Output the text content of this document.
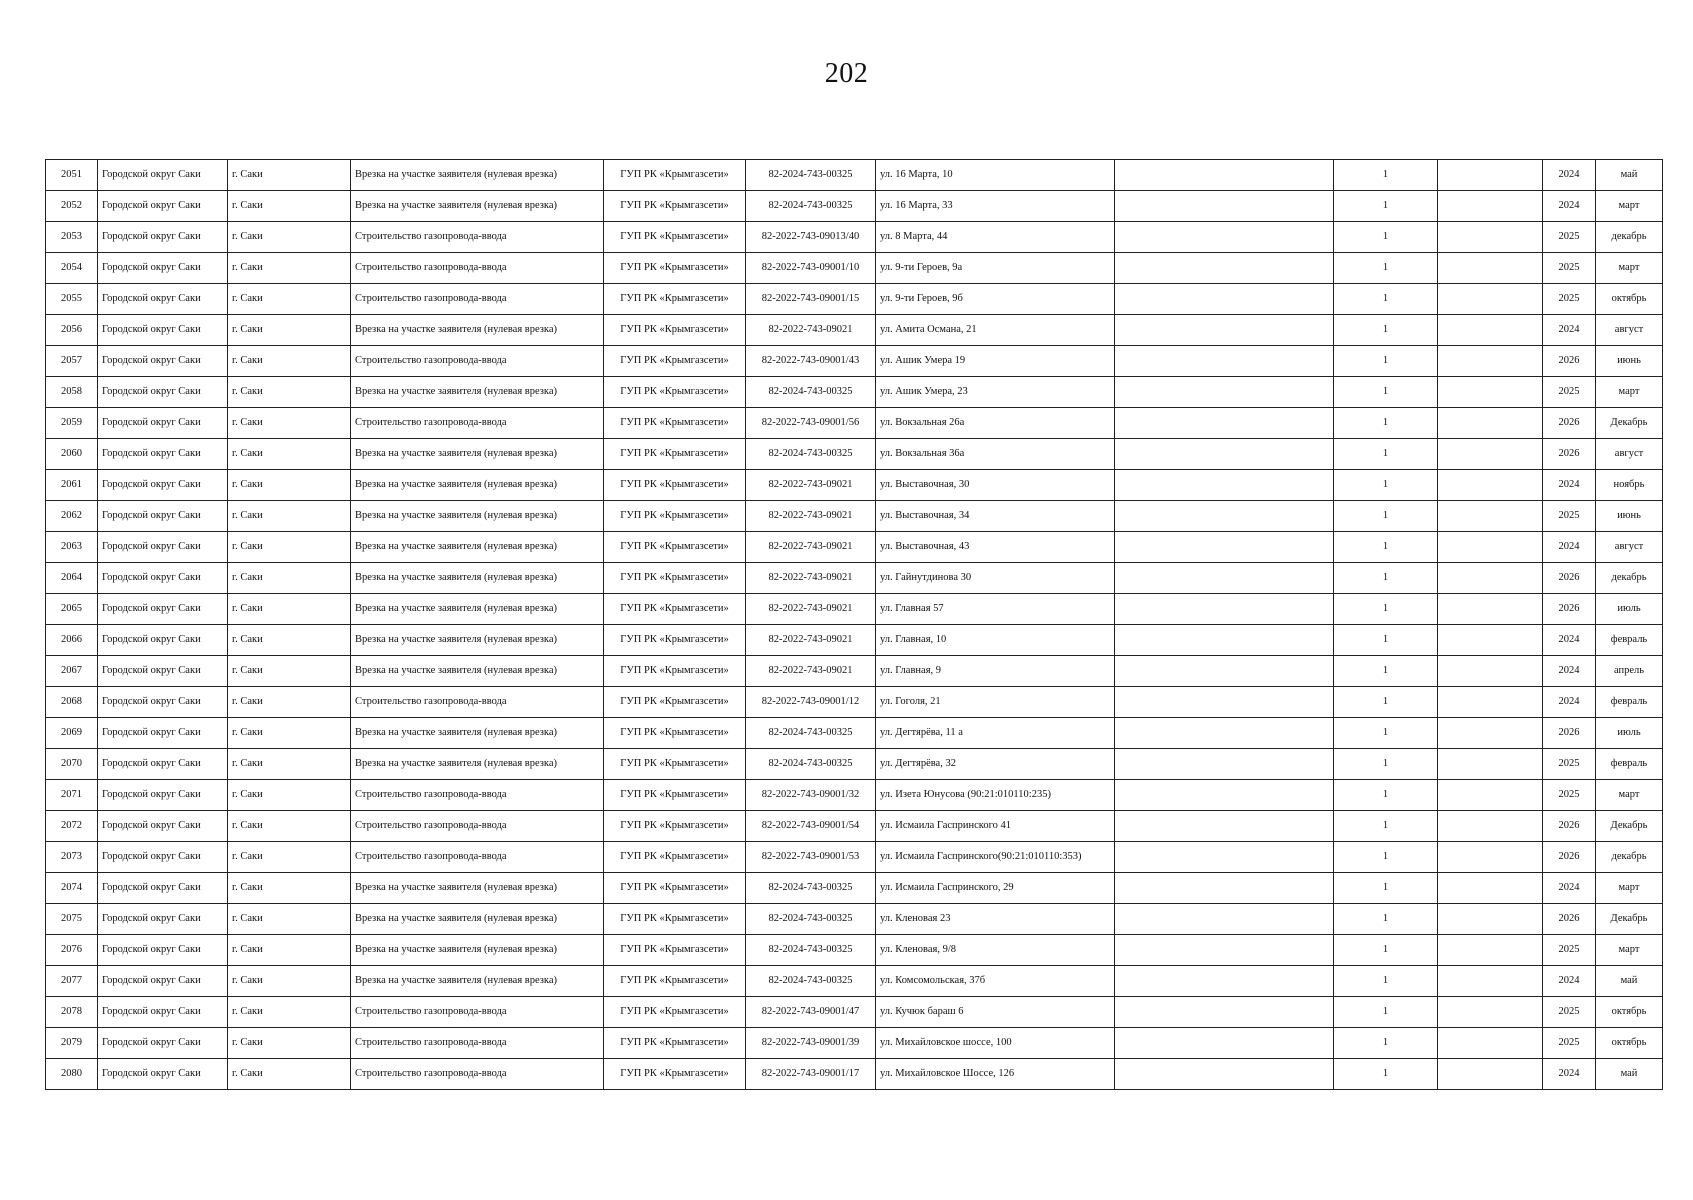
202
2051	Городской округ Саки	г. Саки	Врезка на участке заявителя (нулевая врезка)	ГУП РК «Крымгазсети»	82-2024-743-00325	ул. 16 Марта, 10		1		2024	май
2052	Городской округ Саки	г. Саки	Врезка на участке заявителя (нулевая врезка)	ГУП РК «Крымгазсети»	82-2024-743-00325	ул. 16 Марта, 33		1		2024	март
2053	Городской округ Саки	г. Саки	Строительство газопровода-ввода	ГУП РК «Крымгазсети»	82-2022-743-09013/40	ул. 8 Марта, 44		1		2025	декабрь
2054	Городской округ Саки	г. Саки	Строительство газопровода-ввода	ГУП РК «Крымгазсети»	82-2022-743-09001/10	ул. 9-ти Героев, 9а		1		2025	март
2055	Городской округ Саки	г. Саки	Строительство газопровода-ввода	ГУП РК «Крымгазсети»	82-2022-743-09001/15	ул. 9-ти Героев, 9б		1		2025	октябрь
2056	Городской округ Саки	г. Саки	Врезка на участке заявителя (нулевая врезка)	ГУП РК «Крымгазсети»	82-2022-743-09021	ул. Амита Османа, 21		1		2024	август
2057	Городской округ Саки	г. Саки	Строительство газопровода-ввода	ГУП РК «Крымгазсети»	82-2022-743-09001/43	ул. Ашик Умера 19		1		2026	июнь
2058	Городской округ Саки	г. Саки	Врезка на участке заявителя (нулевая врезка)	ГУП РК «Крымгазсети»	82-2024-743-00325	ул. Ашик Умера, 23		1		2025	март
2059	Городской округ Саки	г. Саки	Строительство газопровода-ввода	ГУП РК «Крымгазсети»	82-2022-743-09001/56	ул. Вокзальная 26а		1		2026	Декабрь
2060	Городской округ Саки	г. Саки	Врезка на участке заявителя (нулевая врезка)	ГУП РК «Крымгазсети»	82-2024-743-00325	ул. Вокзальная 36а		1		2026	август
2061	Городской округ Саки	г. Саки	Врезка на участке заявителя (нулевая врезка)	ГУП РК «Крымгазсети»	82-2022-743-09021	ул. Выставочная, 30		1		2024	ноябрь
2062	Городской округ Саки	г. Саки	Врезка на участке заявителя (нулевая врезка)	ГУП РК «Крымгазсети»	82-2022-743-09021	ул. Выставочная, 34		1		2025	июнь
2063	Городской округ Саки	г. Саки	Врезка на участке заявителя (нулевая врезка)	ГУП РК «Крымгазсети»	82-2022-743-09021	ул. Выставочная, 43		1		2024	август
2064	Городской округ Саки	г. Саки	Врезка на участке заявителя (нулевая врезка)	ГУП РК «Крымгазсети»	82-2022-743-09021	ул. Гайнутдинова 30		1		2026	декабрь
2065	Городской округ Саки	г. Саки	Врезка на участке заявителя (нулевая врезка)	ГУП РК «Крымгазсети»	82-2022-743-09021	ул. Главная 57		1		2026	июль
2066	Городской округ Саки	г. Саки	Врезка на участке заявителя (нулевая врезка)	ГУП РК «Крымгазсети»	82-2022-743-09021	ул. Главная, 10		1		2024	февраль
2067	Городской округ Саки	г. Саки	Врезка на участке заявителя (нулевая врезка)	ГУП РК «Крымгазсети»	82-2022-743-09021	ул. Главная, 9		1		2024	апрель
2068	Городской округ Саки	г. Саки	Строительство газопровода-ввода	ГУП РК «Крымгазсети»	82-2022-743-09001/12	ул. Гоголя, 21		1		2024	февраль
2069	Городской округ Саки	г. Саки	Врезка на участке заявителя (нулевая врезка)	ГУП РК «Крымгазсети»	82-2024-743-00325	ул. Дегтярёва, 11 а		1		2026	июль
2070	Городской округ Саки	г. Саки	Врезка на участке заявителя (нулевая врезка)	ГУП РК «Крымгазсети»	82-2024-743-00325	ул. Дегтярёва, 32		1		2025	февраль
2071	Городской округ Саки	г. Саки	Строительство газопровода-ввода	ГУП РК «Крымгазсети»	82-2022-743-09001/32	ул. Изета Юнусова (90:21:010110:235)		1		2025	март
2072	Городской округ Саки	г. Саки	Строительство газопровода-ввода	ГУП РК «Крымгазсети»	82-2022-743-09001/54	ул. Исмаила Гаспринского 41		1		2026	Декабрь
2073	Городской округ Саки	г. Саки	Строительство газопровода-ввода	ГУП РК «Крымгазсети»	82-2022-743-09001/53	ул. Исмаила Гаспринского(90:21:010110:353)		1		2026	декабрь
2074	Городской округ Саки	г. Саки	Врезка на участке заявителя (нулевая врезка)	ГУП РК «Крымгазсети»	82-2024-743-00325	ул. Исмаила Гаспринского, 29		1		2024	март
2075	Городской округ Саки	г. Саки	Врезка на участке заявителя (нулевая врезка)	ГУП РК «Крымгазсети»	82-2024-743-00325	ул. Кленовая 23		1		2026	Декабрь
2076	Городской округ Саки	г. Саки	Врезка на участке заявителя (нулевая врезка)	ГУП РК «Крымгазсети»	82-2024-743-00325	ул. Кленовая, 9/8		1		2025	март
2077	Городской округ Саки	г. Саки	Врезка на участке заявителя (нулевая врезка)	ГУП РК «Крымгазсети»	82-2024-743-00325	ул. Комсомольская, 37б		1		2024	май
2078	Городской округ Саки	г. Саки	Строительство газопровода-ввода	ГУП РК «Крымгазсети»	82-2022-743-09001/47	ул. Кучюк бараш 6		1		2025	октябрь
2079	Городской округ Саки	г. Саки	Строительство газопровода-ввода	ГУП РК «Крымгазсети»	82-2022-743-09001/39	ул. Михайловское шоссе, 100		1		2025	октябрь
2080	Городской округ Саки	г. Саки	Строительство газопровода-ввода	ГУП РК «Крымгазсети»	82-2022-743-09001/17	ул. Михайловское Шоссе, 126		1		2024	май
